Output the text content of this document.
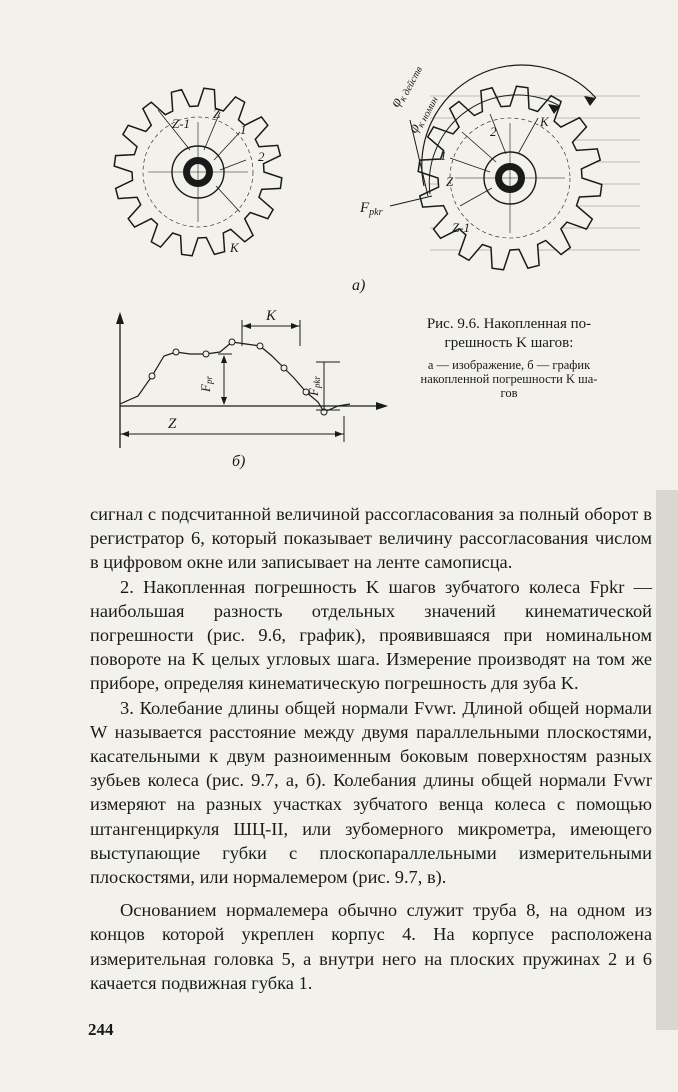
Z-1
Z
1
2
K
1
2
K
Z
Z-1
$\varphi_{к действ}$
$\varphi_{к номин}$
$F_{pkr}$
а)
K
Fpr
Fpkr
Z
б)
Рис. 9.6. Накопленная по-
грешность K шагов:
а — изображение, б — график
накопленной погрешности K ша-
гов

сигнал с подсчитанной величиной рассогласования за полный оборот в регистратор 6, который показывает величину рассогласования числом в цифровом окне или записывает на ленте самописца.

2. Накопленная погрешность K шагов зубчатого колеса Fpkr — наибольшая разность отдельных значений кинематической погрешности (рис. 9.6, график), проявившаяся при номинальном повороте на K целых угловых шага. Измерение производят на том же приборе, определяя кинематическую погрешность для зуба K.

3. Колебание длины общей нормали Fvwr. Длиной общей нормали W называется расстояние между двумя параллельными плоскостями, касательными к двум разноименным боковым поверхностям разных зубьев колеса (рис. 9.7, а, б). Колебания длины общей нормали Fvwr измеряют на разных участках зубчатого венца колеса с помощью штангенциркуля ШЦ-II, или зубомерного микрометра, имеющего выступающие губки с плоскопараллельными измерительными плоскостями, или нормалемером (рис. 9.7, в).

Основанием нормалемера обычно служит труба 8, на одном из концов которой укреплен корпус 4. На корпусе расположена измерительная головка 5, а внутри него на плоских пружинах 2 и 6 качается подвижная губка 1.

244
